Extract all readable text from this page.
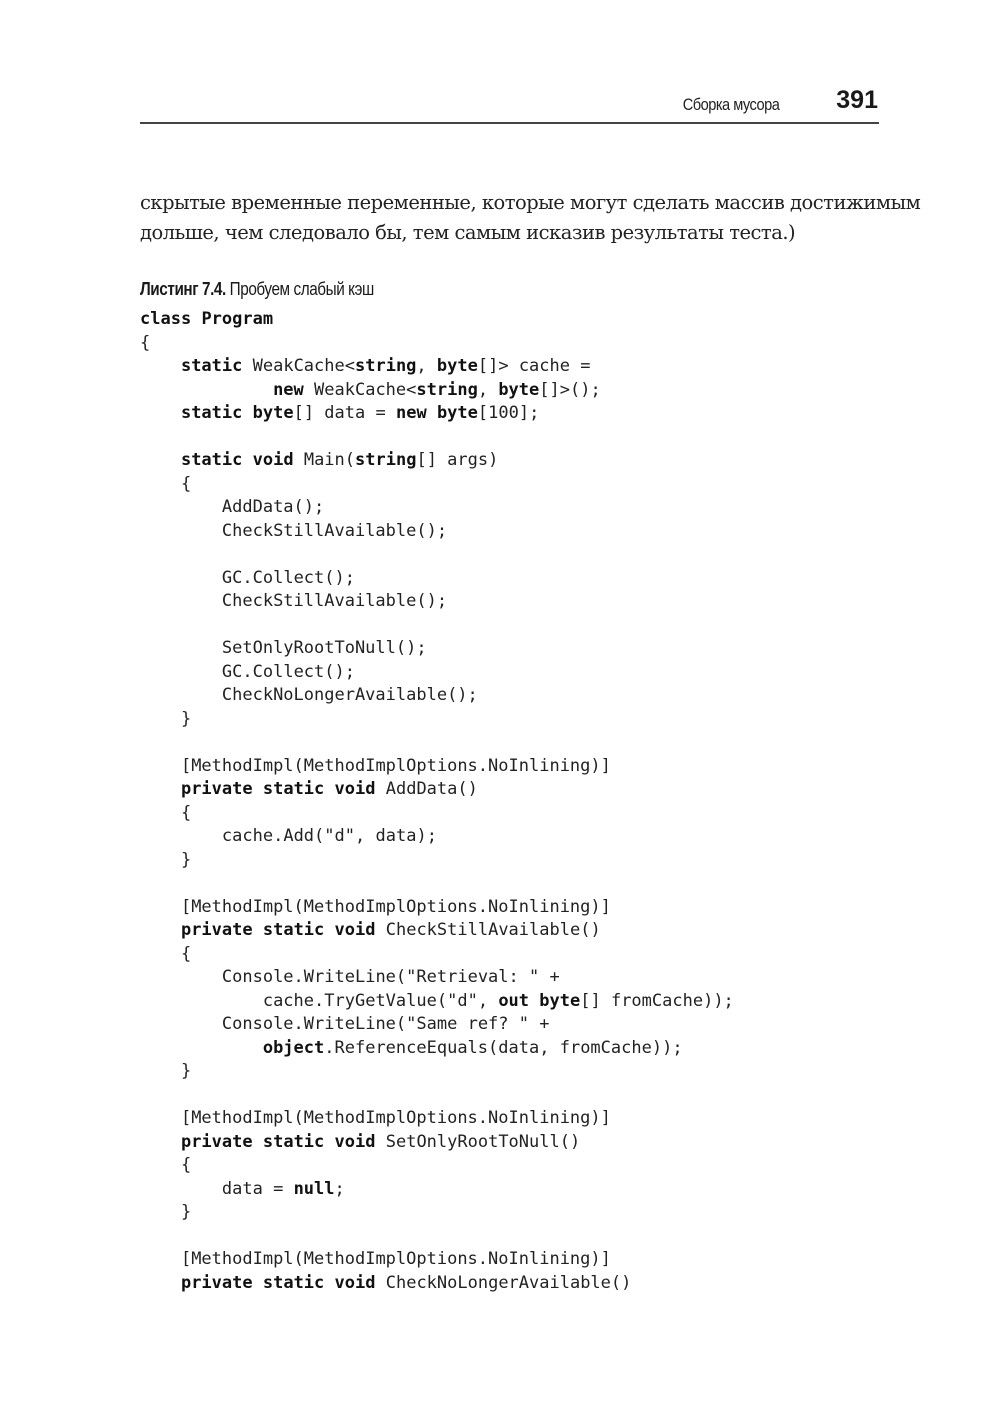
Сборка мусора 391
скрытые временные переменные, которые могут сделать массив достижимым
дольше, чем следовало бы, тем самым исказив результаты теста.)
Листинг 7.4. Пробуем слабый кэш
class Program
{
static WeakCache<string, byte[]> cache =
new WeakCache<string, byte[]>();
static byte[] data = new byte[100];
static void Main(string[] args)
{
AddData();
CheckStillAvailable();
GC.Collect();
CheckStillAvailable();
SetOnlyRootToNull();
GC.Collect();
CheckNoLongerAvailable();
}
[MethodImpl(MethodImplOptions.NoInlining)]
private static void AddData()
{
cache.Add("d", data);
}
[MethodImpl(MethodImplOptions.NoInlining)]
private static void CheckStillAvailable()
{
Console.WriteLine("Retrieval: " +
cache.TryGetValue("d", out byte[] fromCache));
Console.WriteLine("Same ref? " +
object.ReferenceEquals(data, fromCache));
}
[MethodImpl(MethodImplOptions.NoInlining)]
private static void SetOnlyRootToNull()
{
data = null;
}
[MethodImpl(MethodImplOptions.NoInlining)]
private static void CheckNoLongerAvailable()
